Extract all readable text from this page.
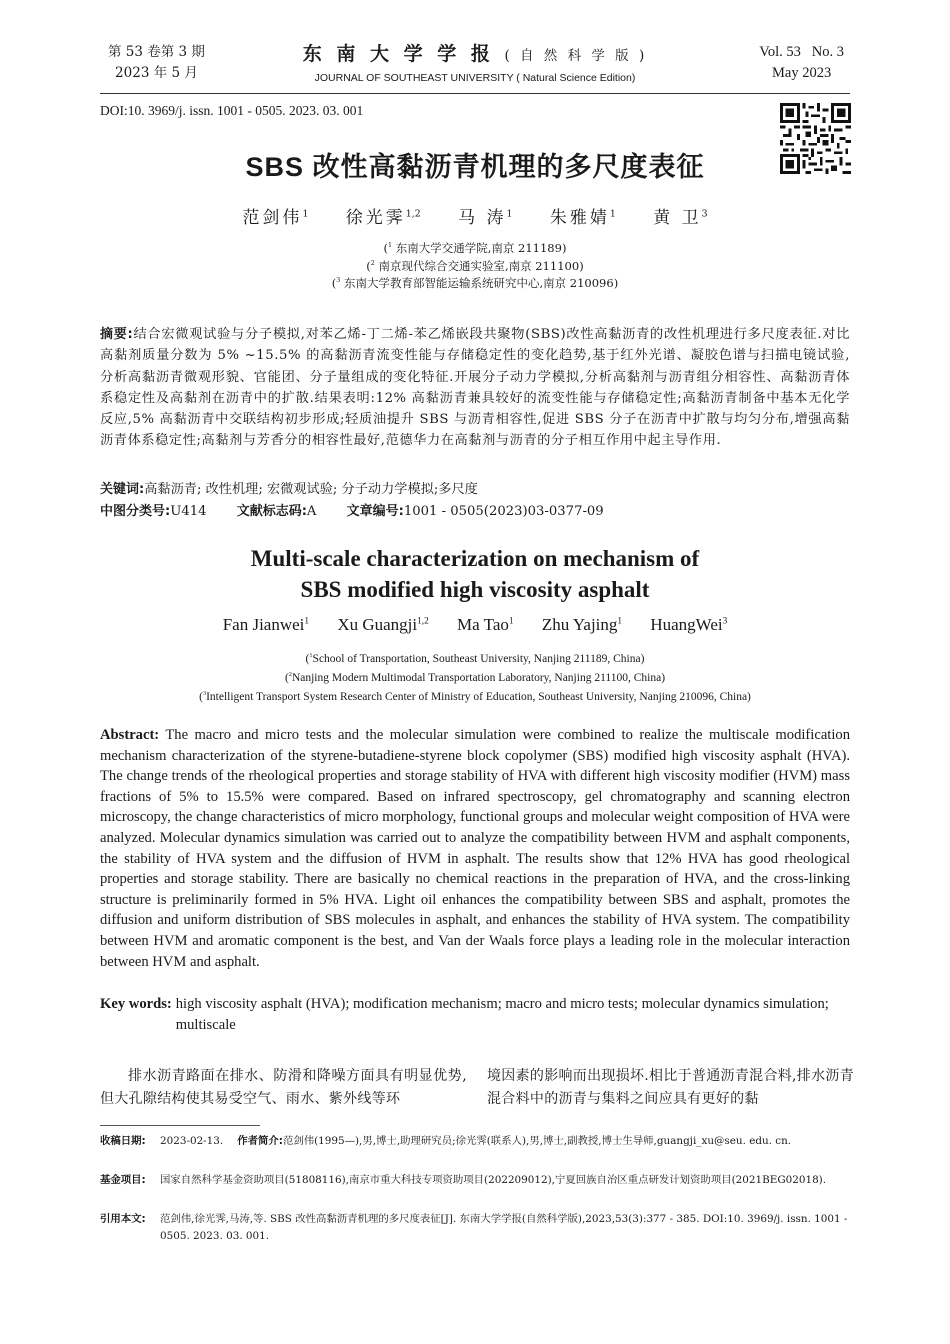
第 53 卷第 3 期
2023 年 5 月
东 南 大 学 学 报 ( 自 然 科 学 版 )
JOURNAL OF SOUTHEAST UNIVERSITY ( Natural Science Edition)
Vol. 53   No. 3
May 2023
DOI:10. 3969/j. issn. 1001 - 0505. 2023. 03. 001
SBS 改性高黏沥青机理的多尺度表征
范剑伟$^1$ 徐光霁$^{1,2}$ 马 涛$^1$ 朱雅婧$^1$ 黄 卫$^3$
($^1$ 东南大学交通学院,南京 211189)
($^2$ 南京现代综合交通实验室,南京 211100)
($^3$ 东南大学教育部智能运输系统研究中心,南京 210096)
摘要:结合宏微观试验与分子模拟,对苯乙烯-丁二烯-苯乙烯嵌段共聚物(SBS)改性高黏沥青的改性机理进行多尺度表征.对比高黏剂质量分数为 5% ~15.5% 的高黏沥青流变性能与存储稳定性的变化趋势,基于红外光谱、凝胶色谱与扫描电镜试验,分析高黏沥青微观形貌、官能团、分子量组成的变化特征.开展分子动力学模拟,分析高黏剂与沥青组分相容性、高黏沥青体系稳定性及高黏剂在沥青中的扩散.结果表明:12% 高黏沥青兼具较好的流变性能与存储稳定性;高黏沥青制备中基本无化学反应,5% 高黏沥青中交联结构初步形成;轻质油提升 SBS 与沥青相容性,促进 SBS 分子在沥青中扩散与均匀分布,增强高黏沥青体系稳定性;高黏剂与芳香分的相容性最好,范德华力在高黏剂与沥青的分子相互作用中起主导作用.
关键词:高黏沥青; 改性机理; 宏微观试验; 分子动力学模拟;多尺度
中图分类号:U414 文献标志码:A 文章编号:1001 - 0505(2023)03-0377-09
Multi-scale characterization on mechanism of
SBS modified high viscosity asphalt
Fan Jianwei$^1$ Xu Guangji$^{1,2}$ Ma Tao$^1$ Zhu Yajing$^1$ HuangWei$^3$
($^1$School of Transportation, Southeast University, Nanjing 211189, China)
($^2$Nanjing Modern Multimodal Transportation Laboratory, Nanjing 211100, China)
($^3$Intelligent Transport System Research Center of Ministry of Education, Southeast University, Nanjing 210096, China)
Abstract: The macro and micro tests and the molecular simulation were combined to realize the multiscale modification mechanism characterization of the styrene-butadiene-styrene block copolymer (SBS) modified high viscosity asphalt (HVA). The change trends of the rheological properties and storage stability of HVA with different high viscosity modifier (HVM) mass fractions of 5% to 15.5% were compared. Based on infrared spectroscopy, gel chromatography and scanning electron microscopy, the change characteristics of micro morphology, functional groups and molecular weight composition of HVA were analyzed. Molecular dynamics simulation was carried out to analyze the compatibility between HVM and asphalt components, the stability of HVA system and the diffusion of HVM in asphalt. The results show that 12% HVA has good rheological properties and storage stability. There are basically no chemical reactions in the preparation of HVA, and the cross-linking structure is preliminarily formed in 5% HVA. Light oil enhances the compatibility between SBS and asphalt, promotes the diffusion and uniform distribution of SBS molecules in asphalt, and enhances the stability of HVA system. The compatibility between HVM and aromatic component is the best, and Van der Waals force plays a leading role in the molecular interaction between HVM and asphalt.
Key words: high viscosity asphalt (HVA); modification mechanism; macro and micro tests; molecular dynamics simulation; multiscale
排水沥青路面在排水、防滑和降噪方面具有明显优势,但大孔隙结构使其易受空气、雨水、紫外线等环
境因素的影响而出现损坏.相比于普通沥青混合料,排水沥青混合料中的沥青与集料之间应具有更好的黏
收稿日期:	2023-02-13. 作者简介:范剑伟(1995—),男,博士,助理研究员;徐光霁(联系人),男,博士,副教授,博士生导师,guangji_xu@seu. edu. cn.
基金项目:	国家自然科学基金资助项目(51808116),南京市重大科技专项资助项目(202209012),宁夏回族自治区重点研发计划资助项目(2021BEG02018).
引用本文:	范剑伟,徐光霁,马涛,等. SBS 改性高黏沥青机理的多尺度表征[J]. 东南大学学报(自然科学版),2023,53(3):377 - 385. DOI:10. 3969/j. issn. 1001 - 0505. 2023. 03. 001.
